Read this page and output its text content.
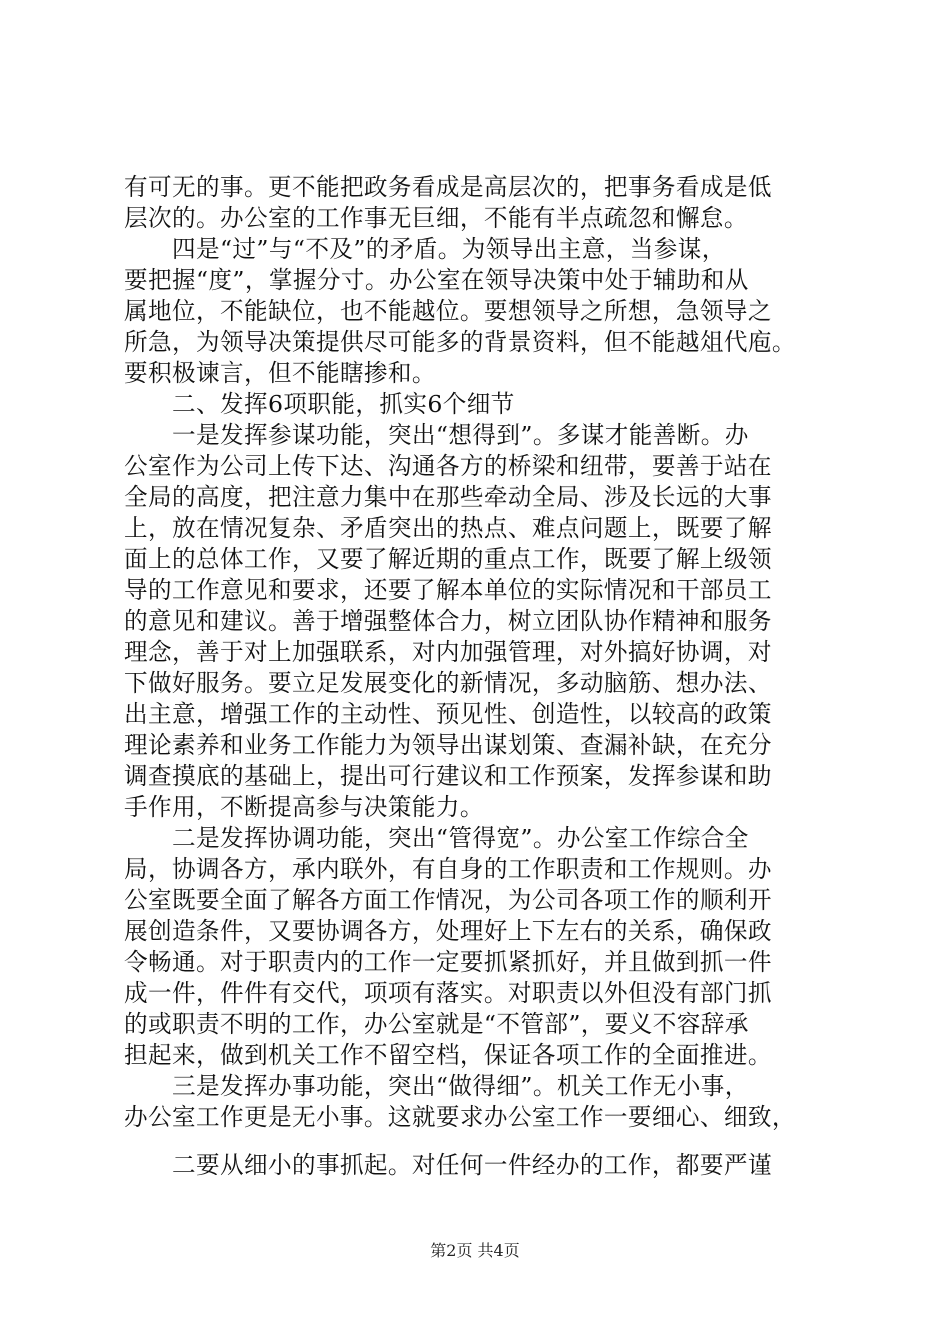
有可无的事。更不能把政务看成是高层次的，把事务看成是低
层次的。办公室的工作事无巨细，不能有半点疏忽和懈怠。
　　四是“过”与“不及”的矛盾。为领导出主意，当参谋，
要把握“度”，掌握分寸。办公室在领导决策中处于辅助和从
属地位，不能缺位，也不能越位。要想领导之所想，急领导之
所急，为领导决策提供尽可能多的背景资料，但不能越俎代庖。
要积极谏言，但不能瞎掺和。
　　二、发挥6项职能，抓实6个细节
　　一是发挥参谋功能，突出“想得到”。多谋才能善断。办
公室作为公司上传下达、沟通各方的桥梁和纽带，要善于站在
全局的高度，把注意力集中在那些牵动全局、涉及长远的大事
上，放在情况复杂、矛盾突出的热点、难点问题上，既要了解
面上的总体工作，又要了解近期的重点工作，既要了解上级领
导的工作意见和要求，还要了解本单位的实际情况和干部员工
的意见和建议。善于增强整体合力，树立团队协作精神和服务
理念，善于对上加强联系，对内加强管理，对外搞好协调，对
下做好服务。要立足发展变化的新情况，多动脑筋、想办法、
出主意，增强工作的主动性、预见性、创造性，以较高的政策
理论素养和业务工作能力为领导出谋划策、查漏补缺，在充分
调查摸底的基础上，提出可行建议和工作预案，发挥参谋和助
手作用，不断提高参与决策能力。
　　二是发挥协调功能，突出“管得宽”。办公室工作综合全
局，协调各方，承内联外，有自身的工作职责和工作规则。办
公室既要全面了解各方面工作情况，为公司各项工作的顺利开
展创造条件，又要协调各方，处理好上下左右的关系，确保政
令畅通。对于职责内的工作一定要抓紧抓好，并且做到抓一件
成一件，件件有交代，项项有落实。对职责以外但没有部门抓
的或职责不明的工作，办公室就是“不管部”，要义不容辞承
担起来，做到机关工作不留空档，保证各项工作的全面推进。
　　三是发挥办事功能，突出“做得细”。机关工作无小事，
办公室工作更是无小事。这就要求办公室工作一要细心、细致，
　　二要从细小的事抓起。对任何一件经办的工作，都要严谨
第2页 共4页
